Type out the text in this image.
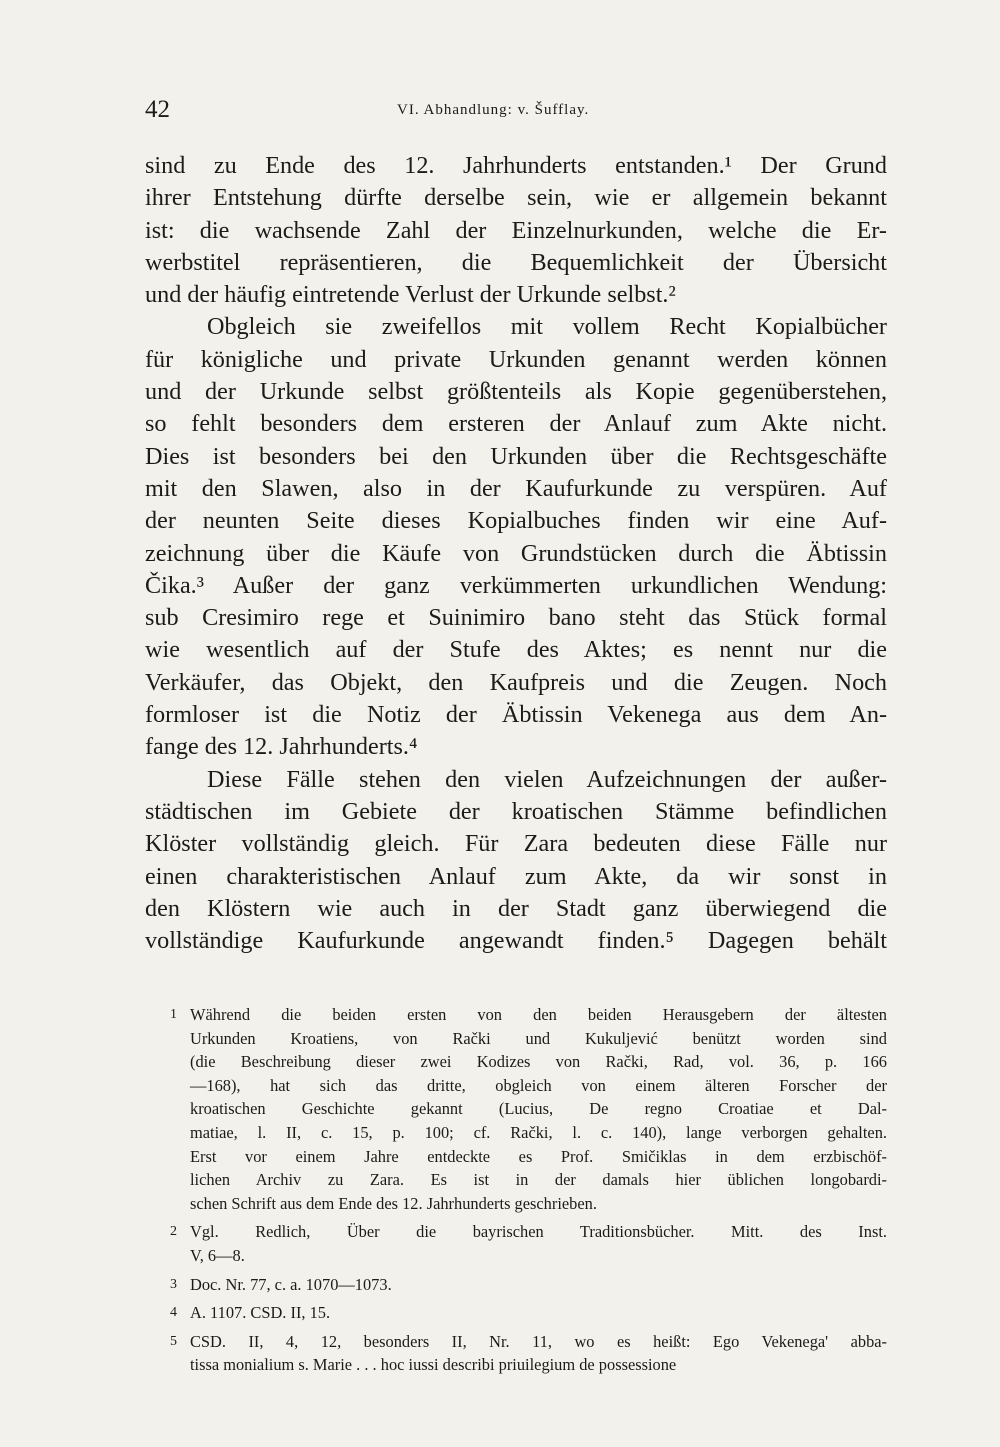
42	VI. Abhandlung: v. Šufflay.
sind zu Ende des 12. Jahrhunderts entstanden.¹ Der Grund
ihrer Entstehung dürfte derselbe sein, wie er allgemein bekannt
ist: die wachsende Zahl der Einzelnurkunden, welche die Er-
werbstitel repräsentieren, die Bequemlichkeit der Übersicht
und der häufig eintretende Verlust der Urkunde selbst.²
Obgleich sie zweifellos mit vollem Recht Kopialbücher
für königliche und private Urkunden genannt werden können
und der Urkunde selbst größtenteils als Kopie gegenüberstehen,
so fehlt besonders dem ersteren der Anlauf zum Akte nicht.
Dies ist besonders bei den Urkunden über die Rechtsgeschäfte
mit den Slawen, also in der Kaufurkunde zu verspüren. Auf
der neunten Seite dieses Kopialbuches finden wir eine Auf-
zeichnung über die Käufe von Grundstücken durch die Äbtissin
Čika.³ Außer der ganz verkümmerten urkundlichen Wendung:
sub Cresimiro rege et Suinimiro bano steht das Stück formal
wie wesentlich auf der Stufe des Aktes; es nennt nur die
Verkäufer, das Objekt, den Kaufpreis und die Zeugen. Noch
formloser ist die Notiz der Äbtissin Vekenega aus dem An-
fange des 12. Jahrhunderts.⁴
Diese Fälle stehen den vielen Aufzeichnungen der außer-
städtischen im Gebiete der kroatischen Stämme befindlichen
Klöster vollständig gleich. Für Zara bedeuten diese Fälle nur
einen charakteristischen Anlauf zum Akte, da wir sonst in
den Klöstern wie auch in der Stadt ganz überwiegend die
vollständige Kaufurkunde angewandt finden.⁵ Dagegen behält
1 Während die beiden ersten von den beiden Herausgebern der ältesten
Urkunden Kroatiens, von Rački und Kukuljević benützt worden sind
(die Beschreibung dieser zwei Kodizes von Rački, Rad, vol. 36, p. 166
—168), hat sich das dritte, obgleich von einem älteren Forscher der
kroatischen Geschichte gekannt (Lucius, De regno Croatiae et Dal-
matiae, l. II, c. 15, p. 100; cf. Rački, l. c. 140), lange verborgen gehalten.
Erst vor einem Jahre entdeckte es Prof. Smičiklas in dem erzbischöf-
lichen Archiv zu Zara. Es ist in der damals hier üblichen longobardi-
schen Schrift aus dem Ende des 12. Jahrhunderts geschrieben.
2 Vgl. Redlich, Über die bayrischen Traditionsbücher. Mitt. des Inst.
V, 6—8.
3 Doc. Nr. 77, c. a. 1070—1073.
4 A. 1107. CSD. II, 15.
5 CSD. II, 4, 12, besonders II, Nr. 11, wo es heißt: Ego Vekenega' abba-
tissa monialium s. Marie . . . hoc iussi describi priuilegium de possessione
